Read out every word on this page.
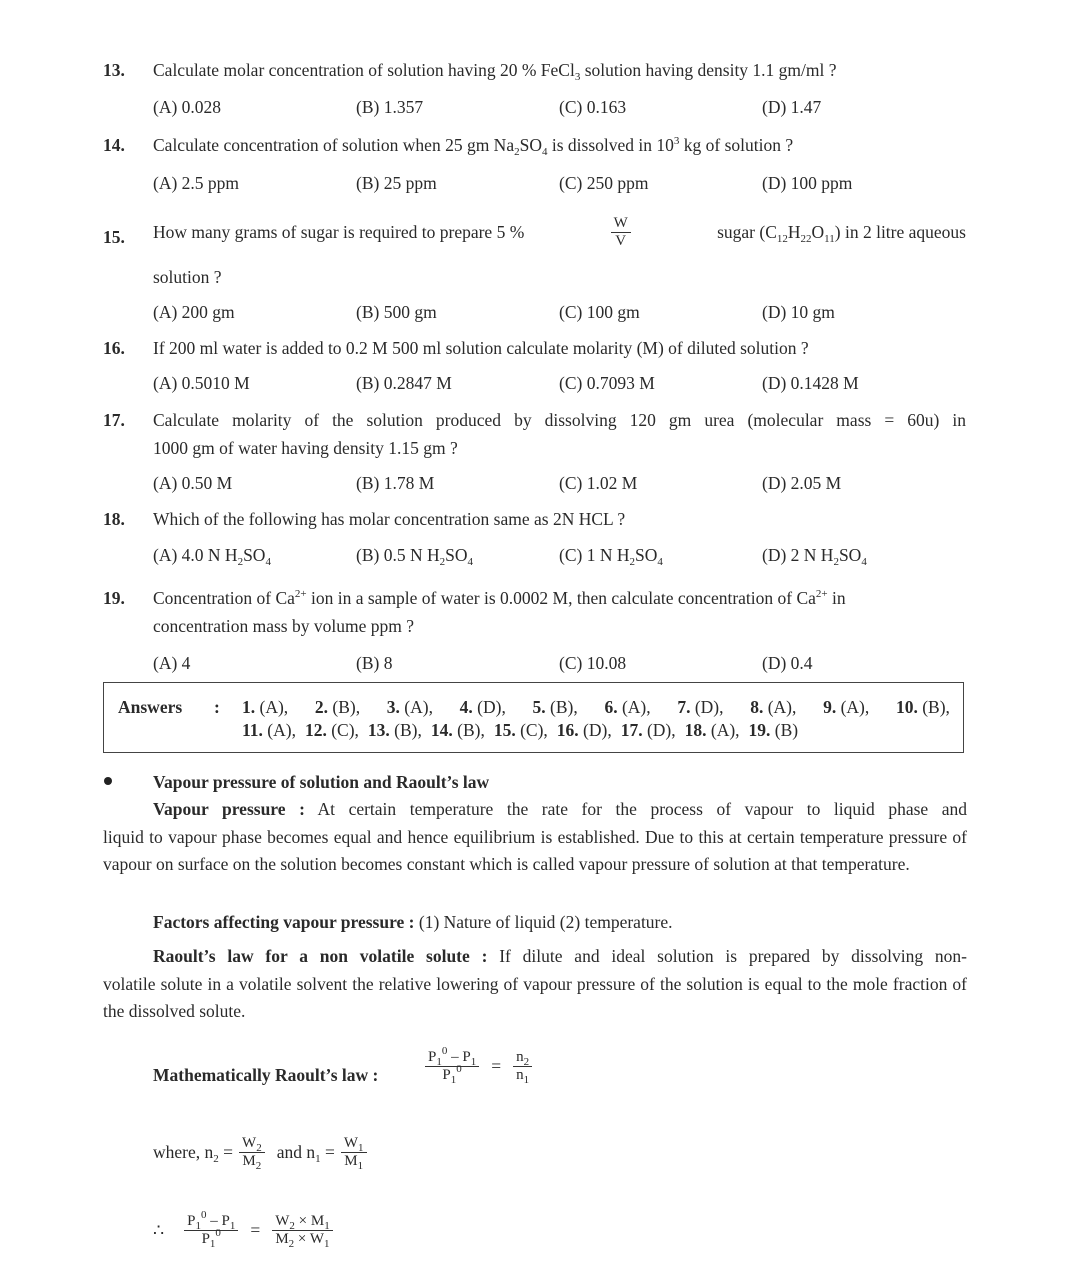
13. Calculate molar concentration of solution having 20 % FeCl$_3$ solution having density 1.1 gm/ml ?
(A) 0.028	(B) 1.357	(C) 0.163	(D) 1.47
14. Calculate concentration of solution when 25 gm $Na_2SO_4$ is dissolved in $10^3$ kg of solution ?
(A) 2.5 ppm	(B) 25 ppm	(C) 250 ppm	(D) 100 ppm
15. How many grams of sugar is required to prepare 5 %	$\frac{W}{V}$	sugar $(C_{12}H_{22}O_{11})$ in 2 litre aqueous
solution ?
(A) 200 gm	(B) 500 gm	(C) 100 gm	(D) 10 gm
16. If 200 ml water is added to 0.2 M 500 ml solution calculate molarity (M) of diluted solution ?
(A) 0.5010 M	(B) 0.2847 M	(C) 0.7093 M	(D) 0.1428 M
17. Calculate molarity of the solution produced by dissolving 120 gm urea (molecular mass = 60u) in
1000 gm of water having density 1.15 gm ?
(A) 0.50 M	(B) 1.78 M	(C) 1.02 M	(D) 2.05 M
18. Which of the following has molar concentration same as 2N HCL ?
(A) 4.0 N $H_2SO_4$	(B) 0.5 N $H_2SO_4$	(C) 1 N $H_2SO_4$	(D) 2 N $H_2SO_4$
19. Concentration of $Ca^{2+}$ ion in a sample of water is 0.0002 M, then calculate concentration of $Ca^{2+}$ in
concentration mass by volume ppm ?
(A) 4	(B) 8	(C) 10.08	(D) 0.4
Answers : 1. (A), 2. (B), 3. (A), 4. (D), 5. (B), 6. (A), 7. (D), 8. (A), 9. (A), 10. (B),
11. (A), 12. (C), 13. (B), 14. (B), 15. (C), 16. (D), 17. (D), 18. (A), 19. (B)
Vapour pressure of solution and Raoult’s law
Vapour pressure : At certain temperature the rate for the process of vapour to liquid phase and
liquid to vapour phase becomes equal and hence equilibrium is established. Due to this at certain temperature pressure of vapour on surface on the solution becomes constant which is called vapour pressure of solution at that temperature.
Factors affecting vapour pressure : (1) Nature of liquid (2) temperature.
Raoult’s law for a non volatile solute : If dilute and ideal solution is prepared by dissolving non-
volatile solute in a volatile solvent the relative lowering of vapour pressure of the solution is equal to the mole fraction of the dissolved solute.
Mathematically Raoult’s law :	$\frac{P_1^0 - P_1}{P_1^0} = \frac{n_2}{n_1}$
where, $n_2 = \frac{W_2}{M_2}$ and $n_1 = \frac{W_1}{M_1}$
∴ $\frac{P_1^0 - P_1}{P_1^0} = \frac{W_2 \times M_1}{M_2 \times W_1}$
